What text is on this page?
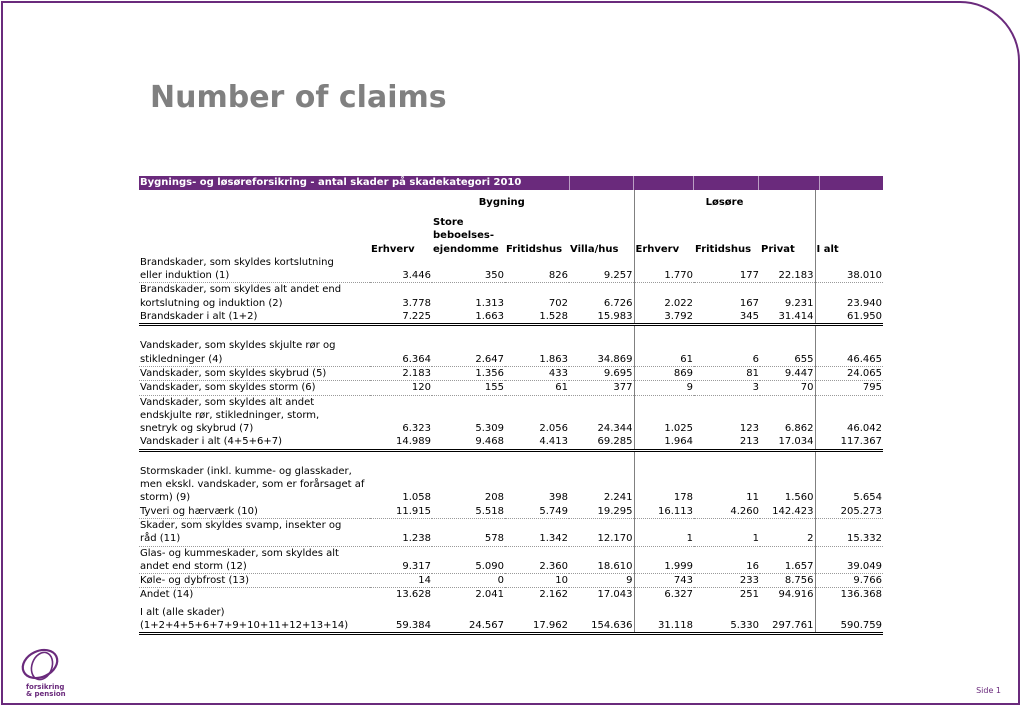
Number of claims
Bygnings- og løsøreforsikring - antal skader på skadekategori 2010
	Bygning				Løsøre			
	Erhverv	Store beboelses-ejendomme	Fritidshus	Villa/hus	Erhverv	Fritidshus	Privat	I alt

Brandskader, som skyldes kortslutning eller induktion (1)	3.446	350	826	9.257	1.770	177	22.183	38.010

Brandskader, som skyldes alt andet end kortslutning og induktion (2)	3.778	1.313	702	6.726	2.022	167	9.231	23.940

Brandskader i alt (1+2)	7.225	1.663	1.528	15.983	3.792	345	31.414	61.950

Vandskader, som skyldes skjulte rør og stikledninger (4)	6.364	2.647	1.863	34.869	61	6	655	46.465

Vandskader, som skyldes skybrud (5)	2.183	1.356	433	9.695	869	81	9.447	24.065

Vandskader, som skyldes storm (6)	120	155	61	377	9	3	70	795

Vandskader, som skyldes alt andet endskjulte rør, stikledninger, storm, snetryk og skybrud (7)	6.323	5.309	2.056	24.344	1.025	123	6.862	46.042

Vandskader i alt (4+5+6+7)	14.989	9.468	4.413	69.285	1.964	213	17.034	117.367

Stormskader (inkl. kumme- og glasskader, men ekskl. vandskader, som er forårsaget af storm) (9)	1.058	208	398	2.241	178	11	1.560	5.654

Tyveri og hærværk (10)	11.915	5.518	5.749	19.295	16.113	4.260	142.423	205.273

Skader, som skyldes svamp, insekter og råd (11)	1.238	578	1.342	12.170	1	1	2	15.332

Glas- og kummeskader, som skyldes alt andet end storm (12)	9.317	5.090	2.360	18.610	1.999	16	1.657	39.049

Køle- og dybfrost (13)	14	0	10	9	743	233	8.756	9.766

Andet (14)	13.628	2.041	2.162	17.043	6.327	251	94.916	136.368

I alt (alle skader) (1+2+4+5+6+7+9+10+11+12+13+14)	59.384	24.567	17.962	154.636	31.118	5.330	297.761	590.759
forsikring
& pension	Side 1
